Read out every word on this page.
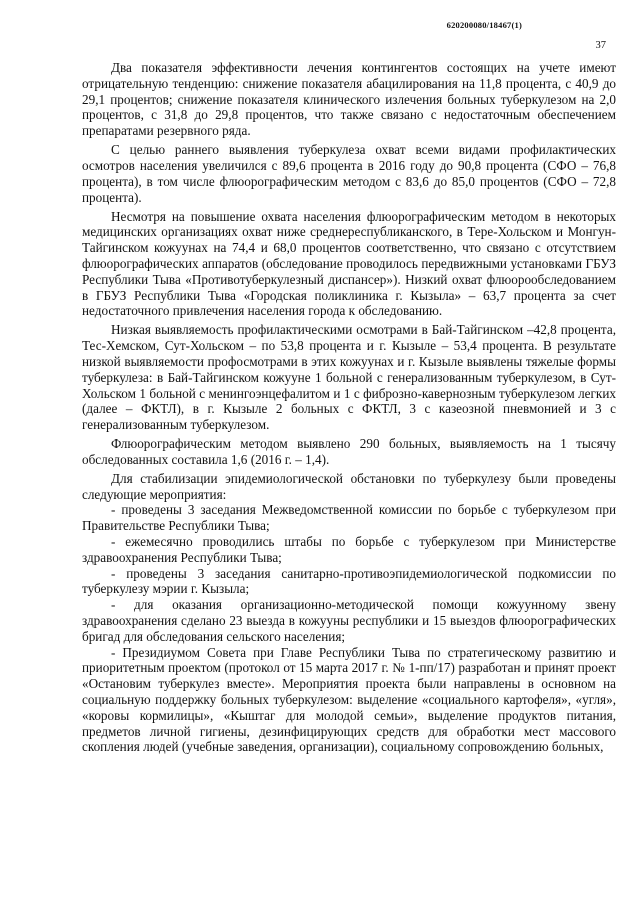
620200080/18467(1)
37

Два показателя эффективности лечения контингентов состоящих на учете имеют отрицательную тенденцию: снижение показателя абацилирования на 11,8 процента, с 40,9 до 29,1 процентов; снижение показателя клинического излечения больных туберкулезом на 2,0 процентов, с 31,8 до 29,8 процентов, что также связано с недостаточным обеспечением препаратами резервного ряда.

С целью раннего выявления туберкулеза охват всеми видами профилактических осмотров населения увеличился с 89,6 процента в 2016 году до 90,8 процента (СФО – 76,8 процента), в том числе флюорографическим методом с 83,6 до 85,0 процентов (СФО – 72,8 процента).

Несмотря на повышение охвата населения флюорографическим методом в некоторых медицинских организациях охват ниже среднереспубликанского, в Тере-Хольском и Монгун-Тайгинском кожуунах на 74,4 и 68,0 процентов соответственно, что связано с отсутствием флюорографических аппаратов (обследование проводилось передвижными установками ГБУЗ Республики Тыва «Противотуберкулезный диспансер»). Низкий охват флюорообследованием в ГБУЗ Республики Тыва «Городская поликлиника г. Кызыла» – 63,7 процента за счет недостаточного привлечения населения города к обследованию.

Низкая выявляемость профилактическими осмотрами в Бай-Тайгинском –42,8 процента, Тес-Хемском, Сут-Хольском – по 53,8 процента и г. Кызыле – 53,4 процента. В результате низкой выявляемости профосмотрами в этих кожуунах и г. Кызыле выявлены тяжелые формы туберкулеза: в Бай-Тайгинском кожууне 1 больной с генерализованным туберкулезом, в Сут-Хольском 1 больной с менингоэнцефалитом и 1 с фиброзно-кавернозным туберкулезом легких (далее – ФКТЛ), в г. Кызыле 2 больных с ФКТЛ, 3 с казеозной пневмонией и 3 с генерализованным туберкулезом.

Флюорографическим методом выявлено 290 больных, выявляемость на 1 тысячу обследованных составила 1,6 (2016 г. – 1,4).

Для стабилизации эпидемиологической обстановки по туберкулезу были проведены следующие мероприятия:

- проведены 3 заседания Межведомственной комиссии по борьбе с туберкулезом при Правительстве Республики Тыва;

- ежемесячно проводились штабы по борьбе с туберкулезом при Министерстве здравоохранения Республики Тыва;

- проведены 3 заседания санитарно-противоэпидемиологической подкомиссии по туберкулезу мэрии г. Кызыла;

- для оказания организационно-методической помощи кожуунному звену здравоохранения сделано 23 выезда в кожууны республики и 15 выездов флюорографических бригад для обследования сельского населения;

- Президиумом Совета при Главе Республики Тыва по стратегическому развитию и приоритетным проектом (протокол от 15 марта 2017 г. № 1-пп/17) разработан и принят проект «Остановим туберкулез вместе». Мероприятия проекта были направлены в основном на социальную поддержку больных туберкулезом: выделение «социального картофеля», «угля», «коровы кормилицы», «Кыштаг для молодой семьи», выделение продуктов питания, предметов личной гигиены, дезинфицирующих средств для обработки мест массового скопления людей (учебные заведения, организации), социальному сопровождению больных,
